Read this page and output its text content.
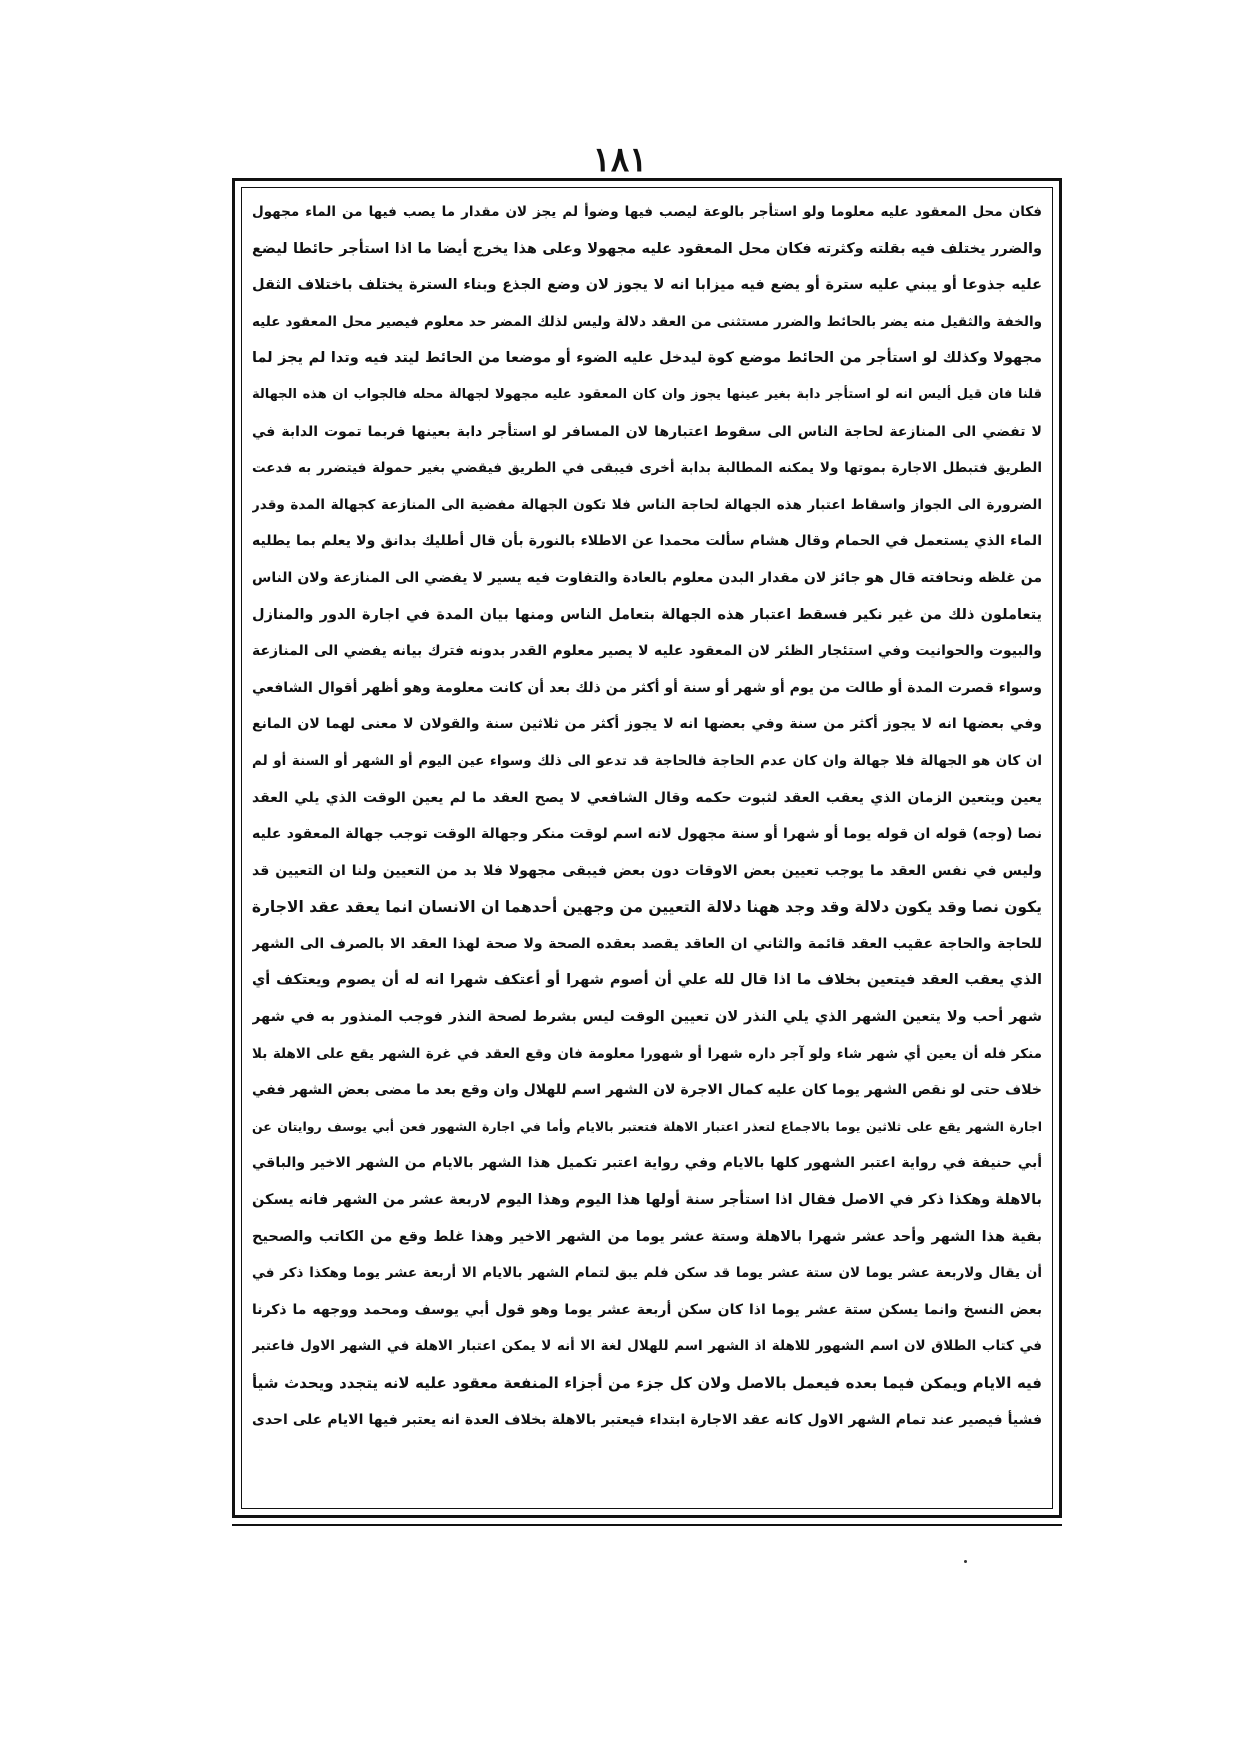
١٨١
فكان محل المعقود عليه معلوما ولو استأجر بالوعة ليصب فيها وضوأ لم يجز لان مقدار ما يصب فيها من الماء مجهول
والضرر يختلف فيه بقلته وكثرته فكان محل المعقود عليه مجهولا وعلى هذا يخرج أيضا ما اذا استأجر حائطا ليضع
عليه جذوعا أو يبني عليه سترة أو يضع فيه ميزابا انه لا يجوز لان وضع الجذع وبناء السترة يختلف باختلاف الثقل
والخفة والثقيل منه يضر بالحائط والضرر مستثنى من العقد دلالة وليس لذلك المضر حد معلوم فيصير محل المعقود عليه
مجهولا وكذلك لو استأجر من الحائط موضع كوة ليدخل عليه الضوء أو موضعا من الحائط ليتد فيه وتدا لم يجز لما
قلنا فان قيل أليس انه لو استأجر دابة بغير عينها يجوز وان كان المعقود عليه مجهولا لجهالة محله فالجواب ان هذه الجهالة
لا تفضي الى المنازعة لحاجة الناس الى سقوط اعتبارها لان المسافر لو استأجر دابة بعينها فربما تموت الدابة في
الطريق فتبطل الاجارة بموتها ولا يمكنه المطالبة بدابة أخرى فيبقى في الطريق فيقضي بغير حمولة فيتضرر به فدعت
الضرورة الى الجواز واسقاط اعتبار هذه الجهالة لحاجة الناس فلا تكون الجهالة مفضية الى المنازعة كجهالة المدة وقدر
الماء الذي يستعمل في الحمام وقال هشام سألت محمدا عن الاطلاء بالنورة بأن قال أطليك بدانق ولا يعلم بما يطليه
من غلظه ونحافته قال هو جائز لان مقدار البدن معلوم بالعادة والتفاوت فيه يسير لا يفضي الى المنازعة ولان الناس
يتعاملون ذلك من غير نكير فسقط اعتبار هذه الجهالة بتعامل الناس ومنها بيان المدة في اجارة الدور والمنازل
والبيوت والحوانيت وفي استئجار الظئر لان المعقود عليه لا يصير معلوم القدر بدونه فترك بيانه يفضي الى المنازعة
وسواء قصرت المدة أو طالت من يوم أو شهر أو سنة أو أكثر من ذلك بعد أن كانت معلومة وهو أظهر أقوال الشافعي
وفي بعضها انه لا يجوز أكثر من سنة وفي بعضها انه لا يجوز أكثر من ثلاثين سنة والقولان لا معنى لهما لان المانع
ان كان هو الجهالة فلا جهالة وان كان عدم الحاجة فالحاجة قد تدعو الى ذلك وسواء عين اليوم أو الشهر أو السنة أو لم
يعين ويتعين الزمان الذي يعقب العقد لثبوت حكمه وقال الشافعي لا يصح العقد ما لم يعين الوقت الذي يلي العقد
نصا (وجه) قوله ان قوله يوما أو شهرا أو سنة مجهول لانه اسم لوقت منكر وجهالة الوقت توجب جهالة المعقود عليه
وليس في نفس العقد ما يوجب تعيين بعض الاوقات دون بعض فيبقى مجهولا فلا بد من التعيين ولنا ان التعيين قد
يكون نصا وقد يكون دلالة وقد وجد ههنا دلالة التعيين من وجهين أحدهما ان الانسان انما يعقد عقد الاجارة
للحاجة والحاجة عقيب العقد قائمة والثاني ان العاقد يقصد بعقده الصحة ولا صحة لهذا العقد الا بالصرف الى الشهر
الذي يعقب العقد فيتعين بخلاف ما اذا قال لله علي أن أصوم شهرا أو أعتكف شهرا انه له أن يصوم ويعتكف أي
شهر أحب ولا يتعين الشهر الذي يلي النذر لان تعيين الوقت ليس بشرط لصحة النذر فوجب المنذور به في شهر
منكر فله أن يعين أي شهر شاء ولو آجر داره شهرا أو شهورا معلومة فان وقع العقد في غرة الشهر يقع على الاهلة بلا
خلاف حتى لو نقص الشهر يوما كان عليه كمال الاجرة لان الشهر اسم للهلال وان وقع بعد ما مضى بعض الشهر ففي
اجارة الشهر يقع على ثلاثين يوما بالاجماع لتعذر اعتبار الاهلة فتعتبر بالايام وأما في اجارة الشهور فعن أبي يوسف روايتان عن
أبي حنيفة في رواية اعتبر الشهور كلها بالايام وفي رواية اعتبر تكميل هذا الشهر بالايام من الشهر الاخير والباقي
بالاهلة وهكذا ذكر في الاصل فقال اذا استأجر سنة أولها هذا اليوم وهذا اليوم لاربعة عشر من الشهر فانه يسكن
بقية هذا الشهر وأحد عشر شهرا بالاهلة وستة عشر يوما من الشهر الاخير وهذا غلط وقع من الكاتب والصحيح
أن يقال ولاربعة عشر يوما لان ستة عشر يوما قد سكن فلم يبق لتمام الشهر بالايام الا أربعة عشر يوما وهكذا ذكر في
بعض النسخ وانما يسكن ستة عشر يوما اذا كان سكن أربعة عشر يوما وهو قول أبي يوسف ومحمد ووجهه ما ذكرنا
في كتاب الطلاق لان اسم الشهور للاهلة اذ الشهر اسم للهلال لغة الا أنه لا يمكن اعتبار الاهلة في الشهر الاول فاعتبر
فيه الايام ويمكن فيما بعده فيعمل بالاصل ولان كل جزء من أجزاء المنفعة معقود عليه لانه يتجدد ويحدث شيأ
فشيأ فيصير عند تمام الشهر الاول كانه عقد الاجارة ابتداء فيعتبر بالاهلة بخلاف العدة انه يعتبر فيها الايام على احدى
